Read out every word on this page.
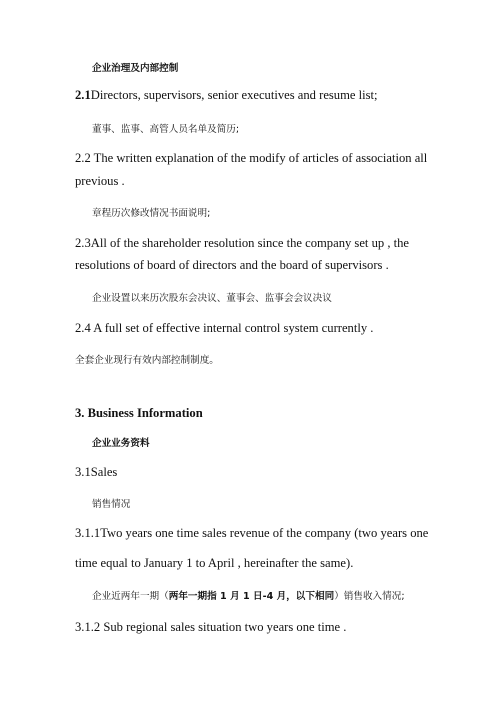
企业治理及内部控制
2.1Directors, supervisors, senior executives and resume list;
董事、监事、高管人员名单及简历;
2.2 The written explanation of the modify of articles of association all
previous .
章程历次修改情况书面说明;
2.3All of the shareholder resolution since the company set up , the
resolutions of board of directors and the board of supervisors .
企业设置以来历次股东会决议、董事会、监事会会议决议
2.4 A full set of effective internal control system currently .
全套企业现行有效内部控制制度。
3. Business Information
企业业务资料
3.1Sales
销售情况
3.1.1Two years one time sales revenue of the company (two years one
time equal to January 1 to April , hereinafter the same).
企业近两年一期（两年一期指 1 月 1 日-4 月，以下相同）销售收入情况;
3.1.2 Sub regional sales situation two years one time .
